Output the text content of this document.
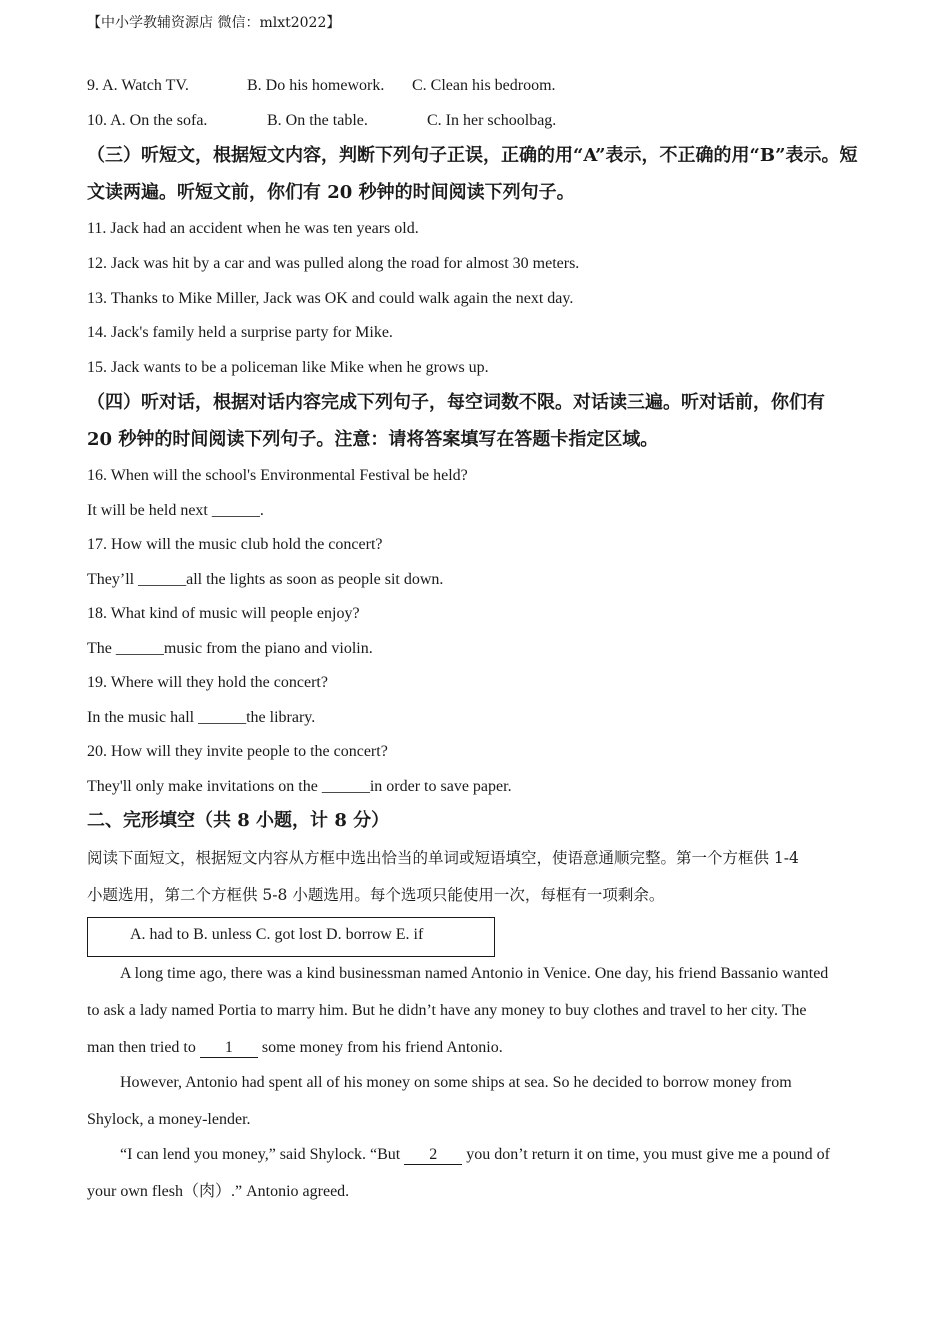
【中小学教辅资源店 微信：mlxt2022】
9. A. Watch TV.	B. Do his homework. C. Clean his bedroom.
10. A. On the sofa.	B. On the table.	C. In her schoolbag.
（三）听短文，根据短文内容，判断下列句子正误，正确的用“A”表示，不正确的用“B”表示。短
文读两遍。听短文前，你们有 20 秒钟的时间阅读下列句子。
11. Jack had an accident when he was ten years old.
12. Jack was hit by a car and was pulled along the road for almost 30 meters.
13. Thanks to Mike Miller, Jack was OK and could walk again the next day.
14. Jack's family held a surprise party for Mike.
15. Jack wants to be a policeman like Mike when he grows up.
（四）听对话，根据对话内容完成下列句子，每空词数不限。对话读三遍。听对话前，你们有
20 秒钟的时间阅读下列句子。注意：请将答案填写在答题卡指定区域。
16. When will the school's Environmental Festival be held?
It will be held next ______.
17. How will the music club hold the concert?
They’ll ______all the lights as soon as people sit down.
18. What kind of music will people enjoy?
The ______music from the piano and violin.
19. Where will they hold the concert?
In the music hall ______the library.
20. How will they invite people to the concert?
They'll only make invitations on the ______in order to save paper.
二、完形填空（共 8 小题，计 8 分）
阅读下面短文，根据短文内容从方框中选出恰当的单词或短语填空，使语意通顺完整。第一个方框供 1-4
小题选用，第二个方框供 5-8 小题选用。每个选项只能使用一次，每框有一项剩余。
A. had to B. unless C. got lost D. borrow E. if
A long time ago, there was a kind businessman named Antonio in Venice. One day, his friend Bassanio wanted
to ask a lady named Portia to marry him. But he didn’t have any money to buy clothes and travel to her city. The
man then tried to 1 some money from his friend Antonio.
However, Antonio had spent all of his money on some ships at sea. So he decided to borrow money from
Shylock, a money-lender.
“I can lend you money,” said Shylock. “But 2 you don’t return it on time, you must give me a pound of
your own flesh（肉）.” Antonio agreed.
